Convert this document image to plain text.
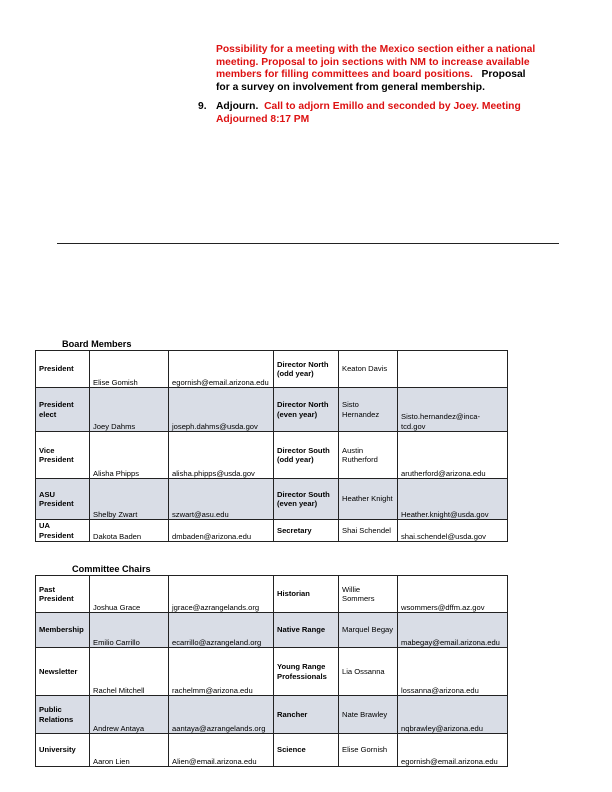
Possibility for a meeting with the Mexico section either a national meeting. Proposal to join sections with NM to increase available members for filling committees and board positions. Proposal for a survey on involvement from general membership.
9. Adjourn. Call to adjorn Emillo and seconded by Joey. Meeting Adjourned 8:17 PM
Board Members
President	Elise Gomish	egornish@email.arizona.edu	Director North (odd year)	Keaton Davis	
President elect	Joey Dahms	joseph.dahms@usda.gov	Director North (even year)	Sisto Hernandez	Sisto.hernandez@inca-tcd.gov
Vice President	Alisha Phipps	alisha.phipps@usda.gov	Director South (odd year)	Austin Rutherford	arutherford@arizona.edu
ASU President	Shelby Zwart	szwart@asu.edu	Director South (even year)	Heather Knight	Heather.knight@usda.gov
UA President	Dakota Baden	dmbaden@arizona.edu	Secretary	Shai Schendel	shai.schendel@usda.gov
Committee Chairs
Past President	Joshua Grace	jgrace@azrangelands.org	Historian	Willie Sommers	wsommers@dffm.az.gov
Membership	Emilio Carrillo	ecarrillo@azrangeland.org	Native Range	Marquel Begay	mabegay@email.arizona.edu
Newsletter	Rachel Mitchell	rachelmm@arizona.edu	Young Range Professionals	Lia Ossanna	lossanna@arizona.edu
Public Relations	Andrew Antaya	aantaya@azrangelands.org	Rancher	Nate Brawley	nqbrawley@arizona.edu
University	Aaron Lien	Alien@email.arizona.edu	Science	Elise Gornish	egornish@email.arizona.edu
